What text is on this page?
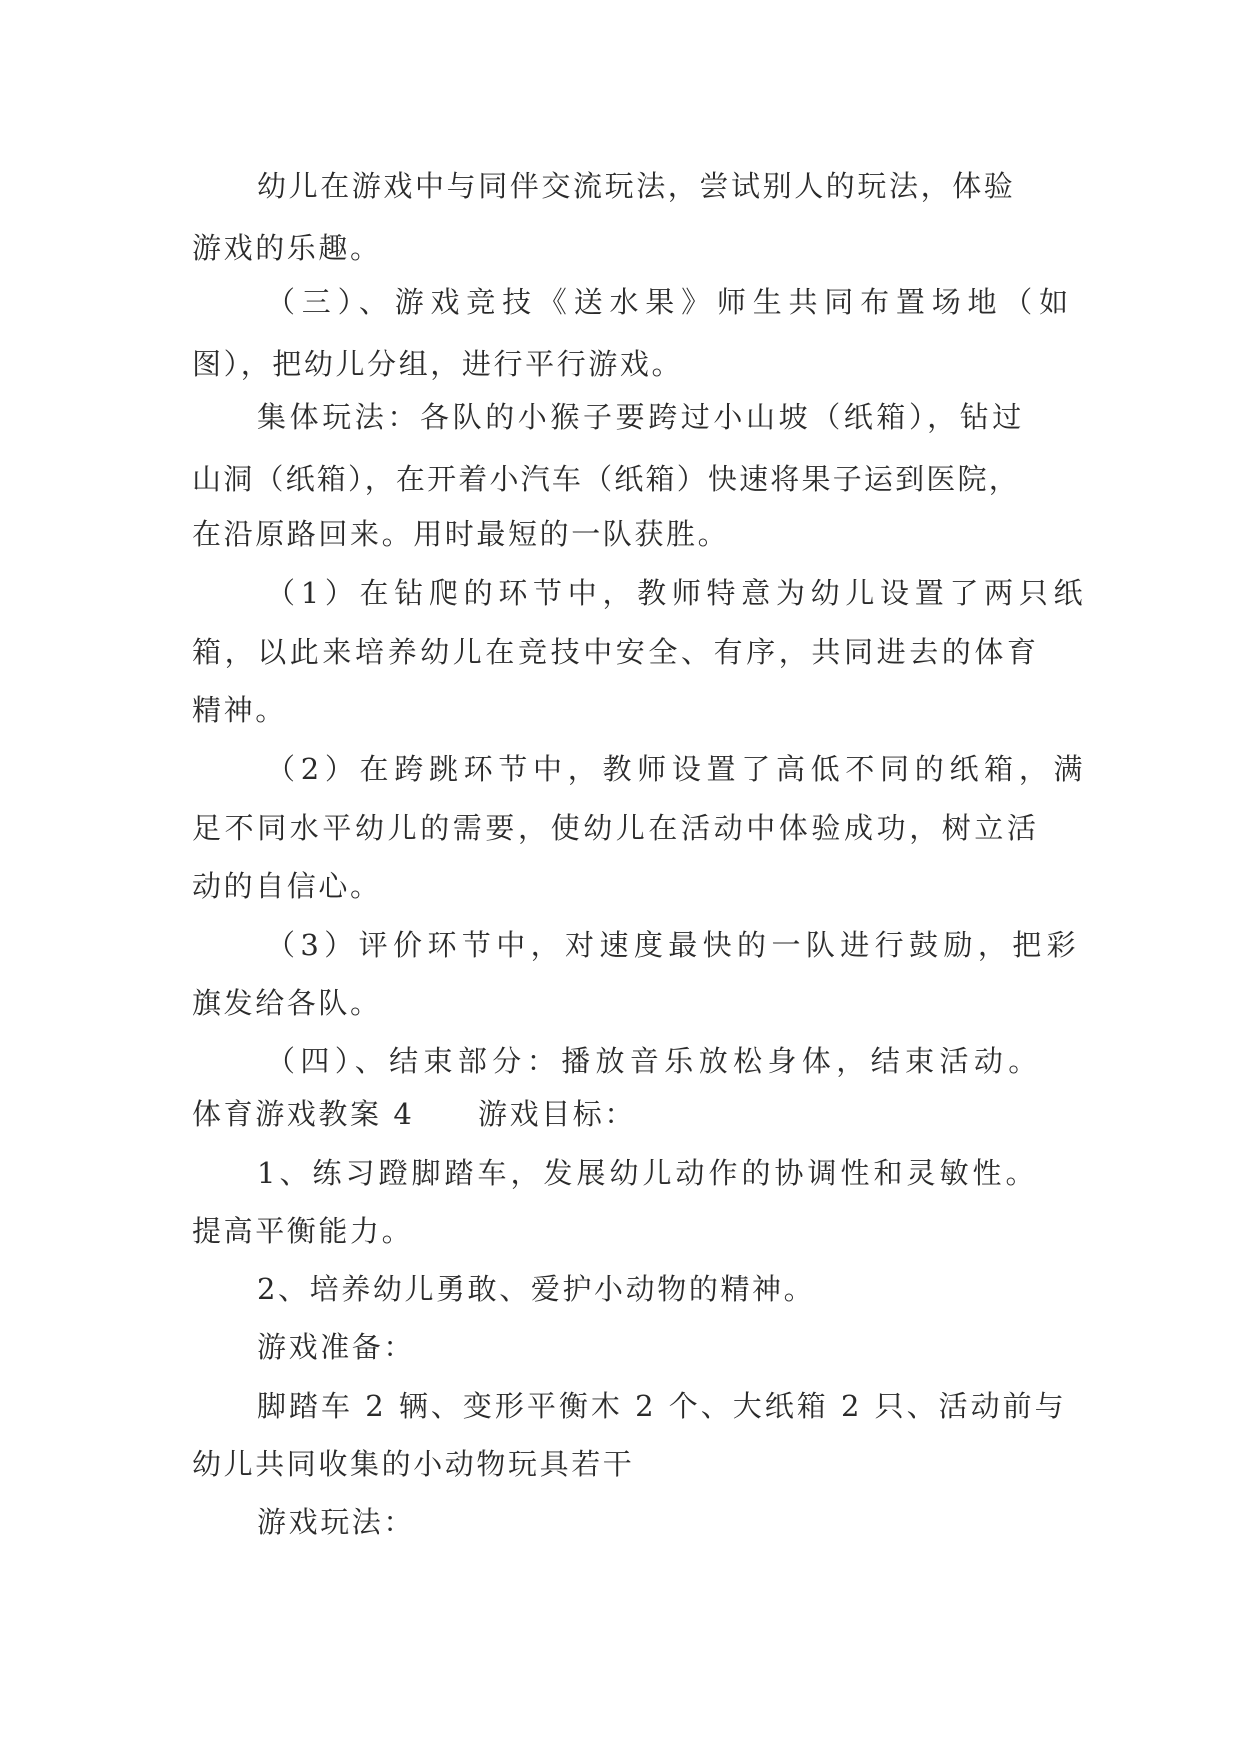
幼儿在游戏中与同伴交流玩法，尝试别人的玩法，体验
游戏的乐趣。
（三）、游戏竞技《送水果》师生共同布置场地（如
图），把幼儿分组，进行平行游戏。
集体玩法：各队的小猴子要跨过小山坡（纸箱），钻过
山洞（纸箱），在开着小汽车（纸箱）快速将果子运到医院，
在沿原路回来。用时最短的一队获胜。
（1）在钻爬的环节中，教师特意为幼儿设置了两只纸
箱，以此来培养幼儿在竞技中安全、有序，共同进去的体育
精神。
（2）在跨跳环节中，教师设置了高低不同的纸箱，满
足不同水平幼儿的需要，使幼儿在活动中体验成功，树立活
动的自信心。
（3）评价环节中，对速度最快的一队进行鼓励，把彩
旗发给各队。
（四）、结束部分：播放音乐放松身体，结束活动。
体育游戏教案 4 游戏目标：
1、练习蹬脚踏车，发展幼儿动作的协调性和灵敏性。
提高平衡能力。
2、培养幼儿勇敢、爱护小动物的精神。
游戏准备：
脚踏车 2 辆、变形平衡木 2 个、大纸箱 2 只、活动前与
幼儿共同收集的小动物玩具若干
游戏玩法：
